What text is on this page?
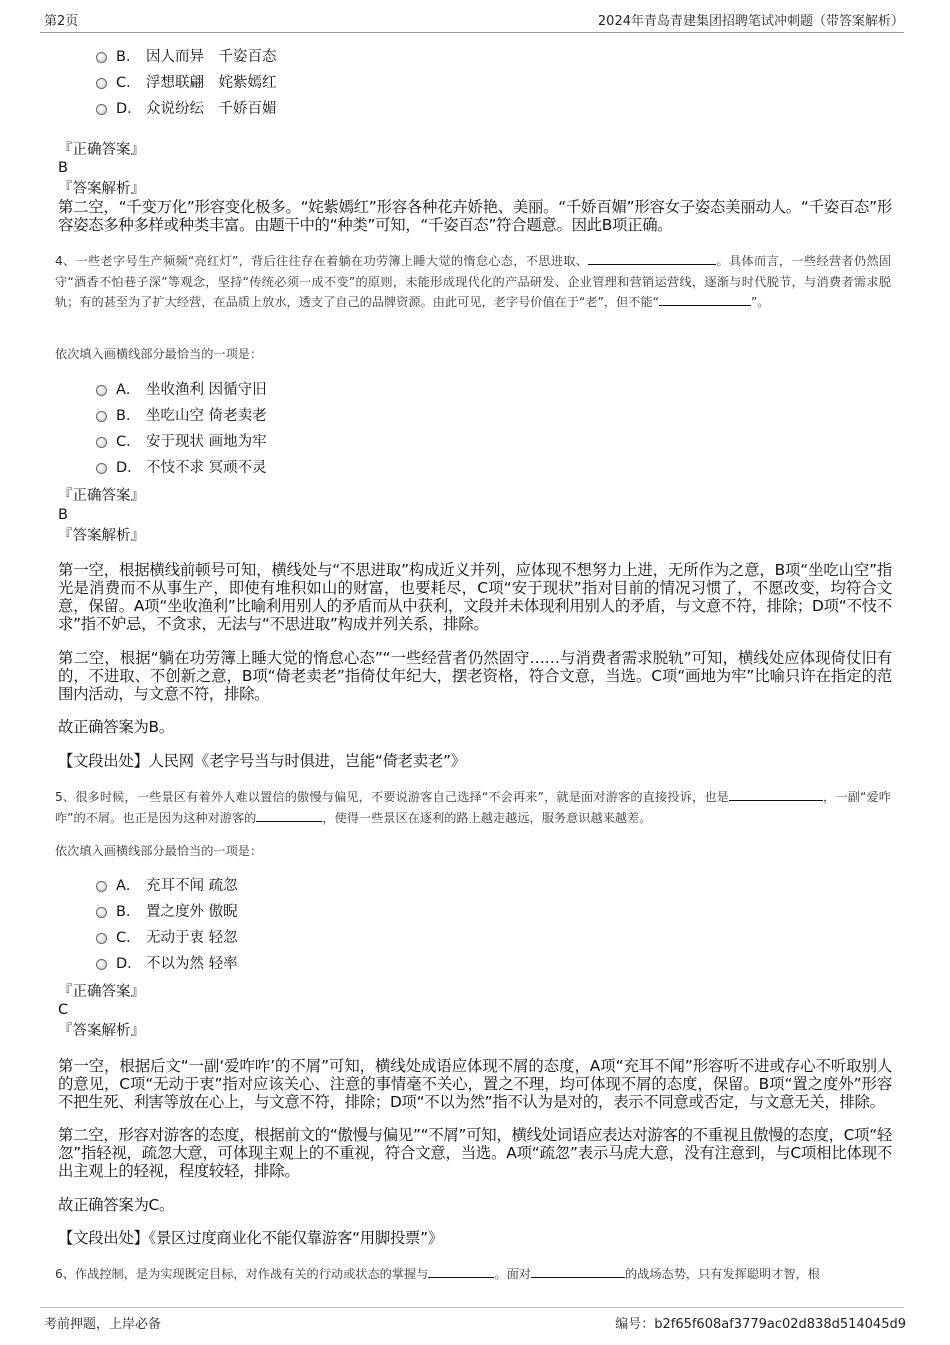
第2页	2024年青岛青建集团招聘笔试冲刺题（带答案解析）
B． 因人而异　千姿百态
C． 浮想联翩　姹紫嫣红
D． 众说纷纭　千娇百媚
『正确答案』
B
『答案解析』
第二空，“千变万化”形容变化极多。“姹紫嫣红”形容各种花卉娇艳、美丽。“千娇百媚”形容女子姿态美丽动人。“千姿百态”形容姿态多种多样或种类丰富。由题干中的“种类”可知，“千姿百态”符合题意。因此B项正确。
4、一些老字号生产频频“亮红灯”，背后往往存在着躺在功劳簿上睡大觉的惰怠心态，不思进取、	。具体而言，一些经营者仍然固守“酒香不怕巷子深”等观念，坚持“传统必须一成不变”的原则，未能形成现代化的产品研发、企业管理和营销运营线，逐渐与时代脱节，与消费者需求脱轨；有的甚至为了扩大经营，在品质上放水，透支了自己的品牌资源。由此可见，老字号价值在于“老”，但不能“	”。
依次填入画横线部分最恰当的一项是：
A． 坐收渔利 因循守旧
B． 坐吃山空 倚老卖老
C． 安于现状 画地为牢
D． 不忮不求 冥顽不灵
『正确答案』
B
『答案解析』
第一空，根据横线前顿号可知，横线处与“不思进取”构成近义并列，应体现不想努力上进，无所作为之意，B项“坐吃山空”指光是消费而不从事生产，即使有堆积如山的财富，也要耗尽，C项“安于现状”指对目前的情况习惯了，不愿改变，均符合文意，保留。A项“坐收渔利”比喻利用别人的矛盾而从中获利，文段并未体现利用别人的矛盾，与文意不符，排除；D项“不忮不求”指不妒忌，不贪求，无法与“不思进取”构成并列关系，排除。
第二空，根据“躺在功劳簿上睡大觉的惰怠心态”“一些经营者仍然固守……与消费者需求脱轨”可知，横线处应体现倚仗旧有的，不进取、不创新之意，B项“倚老卖老”指倚仗年纪大，摆老资格，符合文意，当选。C项“画地为牢”比喻只许在指定的范围内活动，与文意不符，排除。
故正确答案为B。
【文段出处】人民网《老字号当与时俱进，岂能“倚老卖老”》
5、很多时候，一些景区有着外人难以置信的傲慢与偏见，不要说游客自己选择“不会再来”，就是面对游客的直接投诉，也是	，一副“爱咋咋”的不屑。也正是因为这种对游客的	，使得一些景区在逐利的路上越走越远，服务意识越来越差。
依次填入画横线部分最恰当的一项是：
A． 充耳不闻 疏忽
B． 置之度外 傲睨
C． 无动于衷 轻忽
D． 不以为然 轻率
『正确答案』
C
『答案解析』
第一空，根据后文“一副‘爱咋咋’的不屑”可知，横线处成语应体现不屑的态度，A项“充耳不闻”形容听不进或存心不听取别人的意见，C项“无动于衷”指对应该关心、注意的事情毫不关心，置之不理，均可体现不屑的态度，保留。B项“置之度外”形容不把生死、利害等放在心上，与文意不符，排除；D项“不以为然”指不认为是对的，表示不同意或否定，与文意无关，排除。
第二空，形容对游客的态度，根据前文的“傲慢与偏见”“不屑”可知，横线处词语应表达对游客的不重视且傲慢的态度，C项“轻忽”指轻视，疏忽大意，可体现主观上的不重视，符合文意，当选。A项“疏忽”表示马虎大意，没有注意到，与C项相比体现不出主观上的轻视，程度较轻，排除。
故正确答案为C。
【文段出处】《景区过度商业化不能仅靠游客“用脚投票”》
6、作战控制，是为实现既定目标，对作战有关的行动或状态的掌握与	。面对	的战场态势，只有发挥聪明才智，根
考前押题，上岸必备	编号：b2f65f608af3779ac02d838d514045d9
